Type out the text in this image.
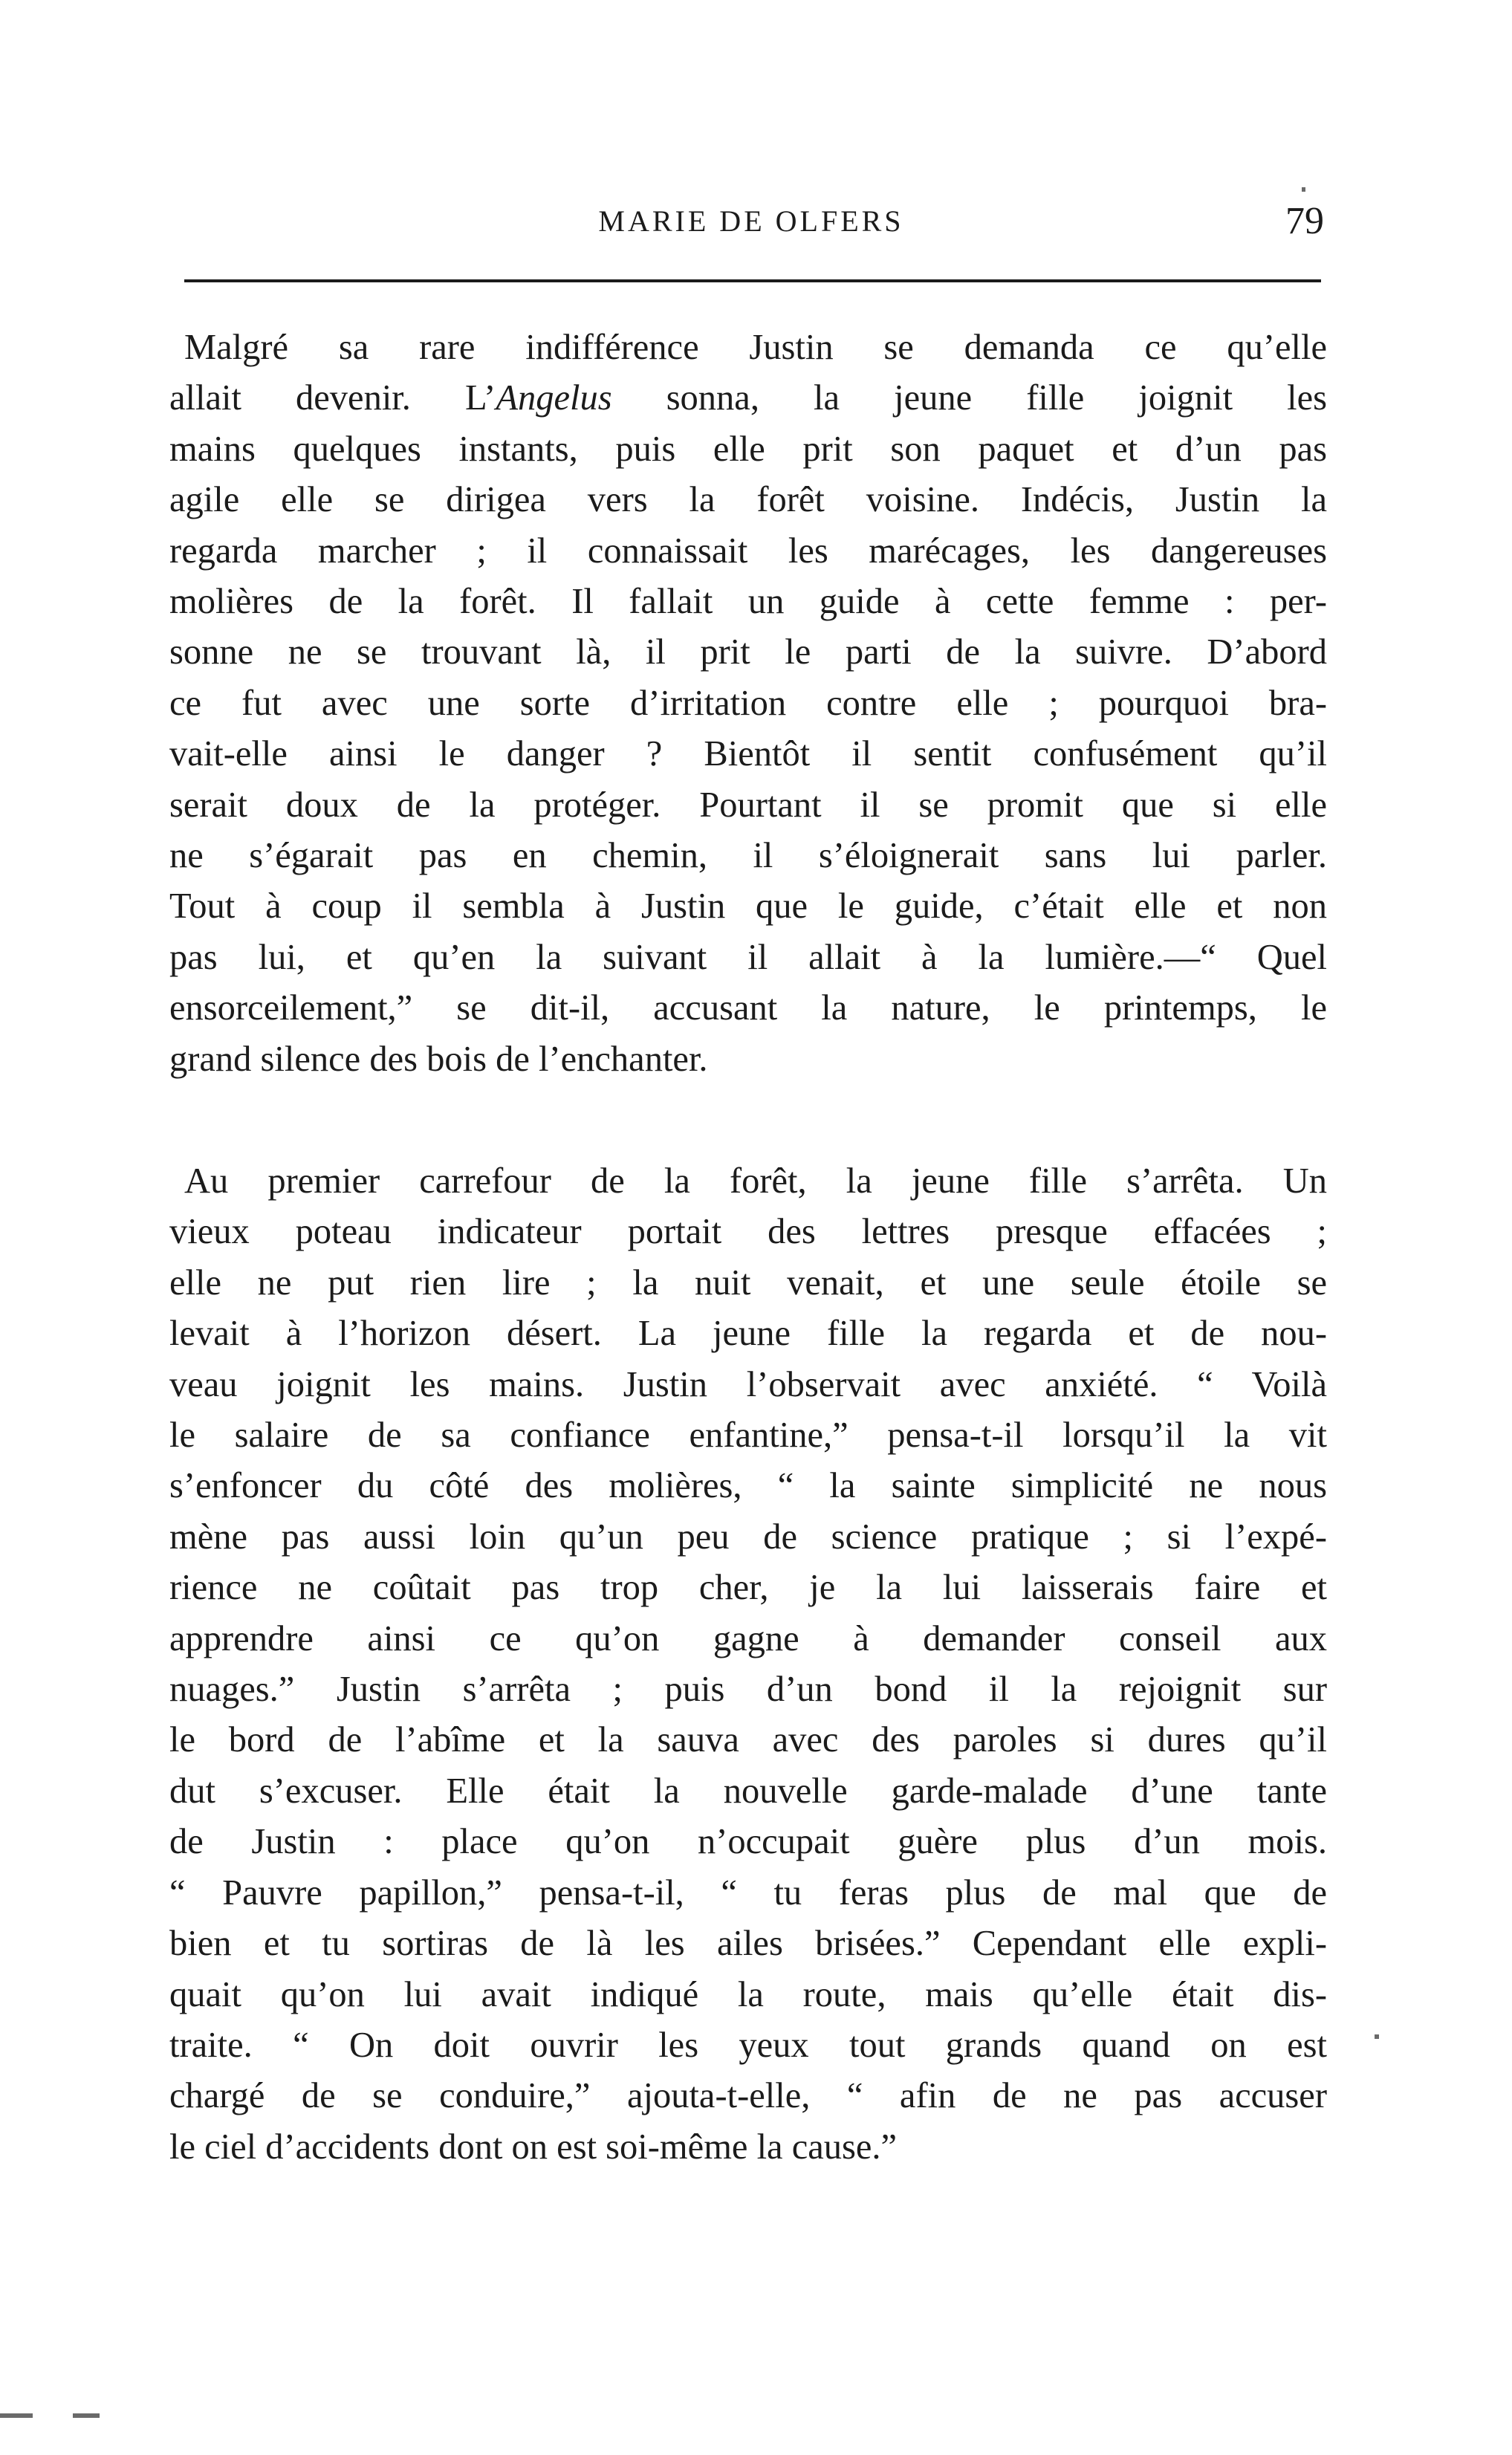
MARIE DE OLFERS	79

Malgré sa rare indifférence Justin se demanda ce qu’elle
allait devenir. L’Angelus sonna, la jeune fille joignit les
mains quelques instants, puis elle prit son paquet et d’un pas
agile elle se dirigea vers la forêt voisine. Indécis, Justin la
regarda marcher ; il connaissait les marécages, les dangereuses
molières de la forêt. Il fallait un guide à cette femme : per-
sonne ne se trouvant là, il prit le parti de la suivre. D’abord
ce fut avec une sorte d’irritation contre elle ; pourquoi bra-
vait-elle ainsi le danger ? Bientôt il sentit confusément qu’il
serait doux de la protéger. Pourtant il se promit que si elle
ne s’égarait pas en chemin, il s’éloignerait sans lui parler.
Tout à coup il sembla à Justin que le guide, c’était elle et non
pas lui, et qu’en la suivant il allait à la lumière.—“ Quel
ensorceilement,” se dit-il, accusant la nature, le printemps, le
grand silence des bois de l’enchanter.

Au premier carrefour de la forêt, la jeune fille s’arrêta. Un
vieux poteau indicateur portait des lettres presque effacées ;
elle ne put rien lire ; la nuit venait, et une seule étoile se
levait à l’horizon désert. La jeune fille la regarda et de nou-
veau joignit les mains. Justin l’observait avec anxiété. “ Voilà
le salaire de sa confiance enfantine,” pensa-t-il lorsqu’il la vit
s’enfoncer du côté des molières, “ la sainte simplicité ne nous
mène pas aussi loin qu’un peu de science pratique ; si l’expé-
rience ne coûtait pas trop cher, je la lui laisserais faire et
apprendre ainsi ce qu’on gagne à demander conseil aux
nuages.” Justin s’arrêta ; puis d’un bond il la rejoignit sur
le bord de l’abîme et la sauva avec des paroles si dures qu’il
dut s’excuser. Elle était la nouvelle garde-malade d’une tante
de Justin : place qu’on n’occupait guère plus d’un mois.
“ Pauvre papillon,” pensa-t-il, “ tu feras plus de mal que de
bien et tu sortiras de là les ailes brisées.” Cependant elle expli-
quait qu’on lui avait indiqué la route, mais qu’elle était dis-
traite. “ On doit ouvrir les yeux tout grands quand on est
chargé de se conduire,” ajouta-t-elle, “ afin de ne pas accuser
le ciel d’accidents dont on est soi-même la cause.”
